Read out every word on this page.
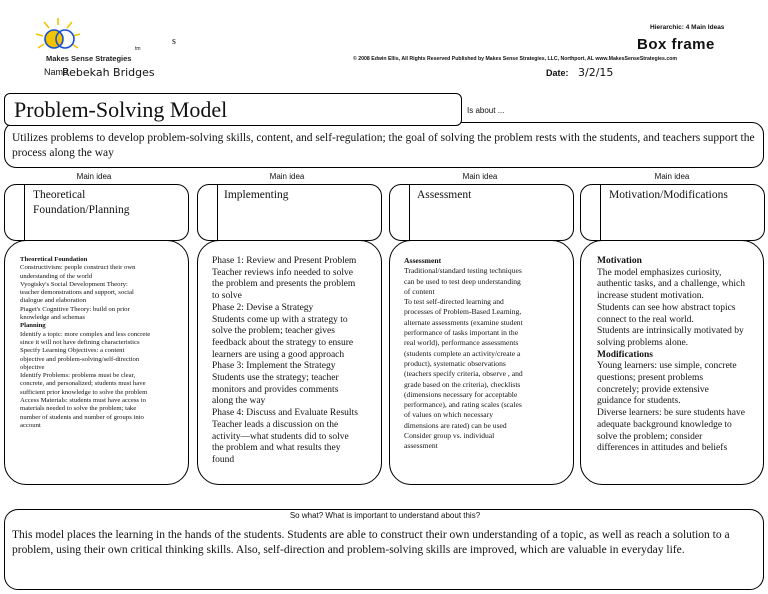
Makes Sense Strategies
tm
s
Name
Rebekah Bridges
Hierarchic: 4 Main Ideas
Box frame
© 2008 Edwin Ellis, All Rights Reserved Published by Makes Sense Strategies, LLC, Northport, AL www.MakesSenseStrategies.com
Date: 3/2/15
Problem-Solving Model	Is about ...
Utilizes problems to develop problem-solving skills, content, and self-regulation; the goal of solving the problem rests with the students, and teachers support the process along the way
Main idea	Main idea	Main idea	Main idea
Theoretical
Foundation/Planning
Implementing	Assessment	Motivation/Modifications
Theoretical Foundation
Constructivism: people construct their own
understanding of the world
Vyogtsky's Social Development Theory:
teacher demonstrations and support, social
dialogue and elaboration
Piaget's Cognitive Theory: build on prior
knowledge and schemas
Planning
Identify a topic: more complex and less concrete
since it will not have defining characteristics
Specify Learning Objectives: a content
objective and problem-solving/self-direction
objective
Identify Problems: problems must be clear,
concrete, and personalized; students must have
sufficient prior knowledge to solve the problem
Access Materials: students must have access to
materials needed to solve the problem; take
number of students and number of groups into
account
Phase 1: Review and Present Problem
Teacher reviews info needed to solve
the problem and presents the problem
to solve
Phase 2: Devise a Strategy
Students come up with a strategy to
solve the problem; teacher gives
feedback about the strategy to ensure
learners are using a good approach
Phase 3: Implement the Strategy
Students use the strategy; teacher
monitors and provides comments
along the way
Phase 4: Discuss and Evaluate Results
Teacher leads a discussion on the
activity—what students did to solve
the problem and what results they
found
Assessment
Traditional/standard testing techniques
can be used to test deep understanding
of content
To test self-directed learning and
processes of Problem-Based Learning,
alternate assessments (examine student
performance of tasks important in the
real world), performance assessments
(students complete an activity/create a
product), systematic observations
(teachers specify criteria, observe , and
grade based on the criteria), checklists
(dimensions necessary for acceptable
performance), and rating scales (scales
of values on which necessary
dimensions are rated) can be used
Consider group vs. individual
assessment
Motivation
The model emphasizes curiosity,
authentic tasks, and a challenge, which
increase student motivation.
Students can see how abstract topics
connect to the real world.
Students are intrinsically motivated by
solving problems alone.
Modifications
Young learners: use simple, concrete
questions; present problems
concretely; provide extensive
guidance for students.
Diverse learners: be sure students have
adequate background knowledge to
solve the problem; consider
differences in attitudes and beliefs
So what? What is important to understand about this?
This model places the learning in the hands of the students. Students are able to construct their own understanding of a topic, as well as reach a solution to a problem, using their own critical thinking skills. Also, self-direction and problem-solving skills are improved, which are valuable in everyday life.
